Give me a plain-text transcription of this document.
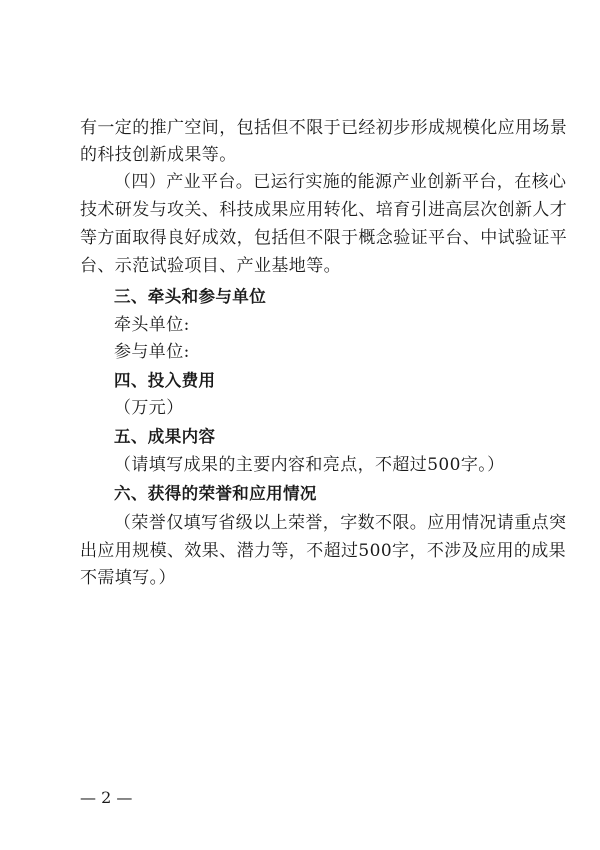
有一定的推广空间，包括但不限于已经初步形成规模化应用场景
的科技创新成果等。
（四）产业平台。已运行实施的能源产业创新平台，在核心
技术研发与攻关、科技成果应用转化、培育引进高层次创新人才
等方面取得良好成效，包括但不限于概念验证平台、中试验证平
台、示范试验项目、产业基地等。
三、牵头和参与单位
牵头单位:
参与单位:
四、投入费用
（万元）
五、成果内容
（请填写成果的主要内容和亮点，不超过500字。）
六、获得的荣誉和应用情况
（荣誉仅填写省级以上荣誉，字数不限。应用情况请重点突
出应用规模、效果、潜力等，不超过500字，不涉及应用的成果
不需填写。）
— 2 —
